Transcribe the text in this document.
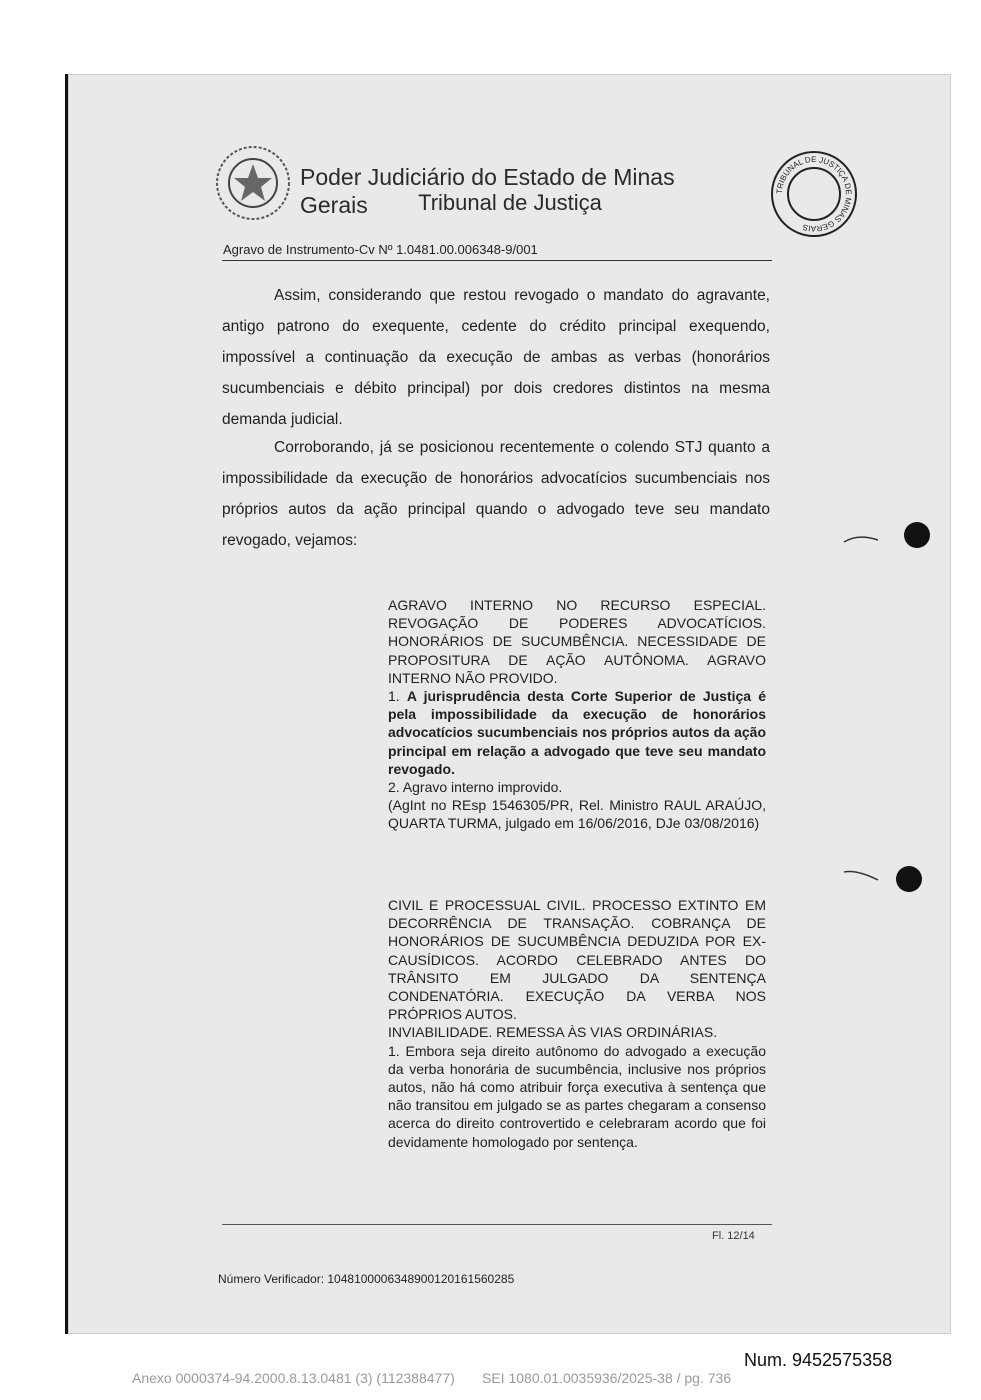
Poder Judiciário do Estado de Minas Gerais	Tribunal de Justiça	TRIBUNAL DE JUSTIÇA DE MINAS GERAIS
Agravo de Instrumento-Cv Nº 1.0481.00.006348-9/001
Assim, considerando que restou revogado o mandato do agravante, antigo patrono do exequente, cedente do crédito principal exequendo, impossível a continuação da execução de ambas as verbas (honorários sucumbenciais e débito principal) por dois credores distintos na mesma demanda judicial.
Corroborando, já se posicionou recentemente o colendo STJ quanto a impossibilidade da execução de honorários advocatícios sucumbenciais nos próprios autos da ação principal quando o advogado teve seu mandato revogado, vejamos:

AGRAVO INTERNO NO RECURSO ESPECIAL. REVOGAÇÃO DE PODERES ADVOCATÍCIOS. HONORÁRIOS DE SUCUMBÊNCIA. NECESSIDADE DE PROPOSITURA DE AÇÃO AUTÔNOMA. AGRAVO INTERNO NÃO PROVIDO.

1. A jurisprudência desta Corte Superior de Justiça é pela impossibilidade da execução de honorários advocatícios sucumbenciais nos próprios autos da ação principal em relação a advogado que teve seu mandato revogado.

2. Agravo interno improvido.

(AgInt no REsp 1546305/PR, Rel. Ministro RAUL ARAÚJO, QUARTA TURMA, julgado em 16/06/2016, DJe 03/08/2016)

CIVIL E PROCESSUAL CIVIL. PROCESSO EXTINTO EM DECORRÊNCIA DE TRANSAÇÃO. COBRANÇA DE HONORÁRIOS DE SUCUMBÊNCIA DEDUZIDA POR EX-CAUSÍDICOS. ACORDO CELEBRADO ANTES DO TRÂNSITO EM JULGADO DA SENTENÇA CONDENATÓRIA. EXECUÇÃO DA VERBA NOS PRÓPRIOS AUTOS.

INVIABILIDADE. REMESSA ÀS VIAS ORDINÁRIAS.

1. Embora seja direito autônomo do advogado a execução da verba honorária de sucumbência, inclusive nos próprios autos, não há como atribuir força executiva à sentença que não transitou em julgado se as partes chegaram a consenso acerca do direito controvertido e celebraram acordo que foi devidamente homologado por sentença.

Fl. 12/14
Número Verificador: 1048100006348900120161560285
Num. 9452575358
Anexo 0000374-94.2000.8.13.0481 (3) (112388477)       SEI 1080.01.0035936/2025-38 / pg. 736
